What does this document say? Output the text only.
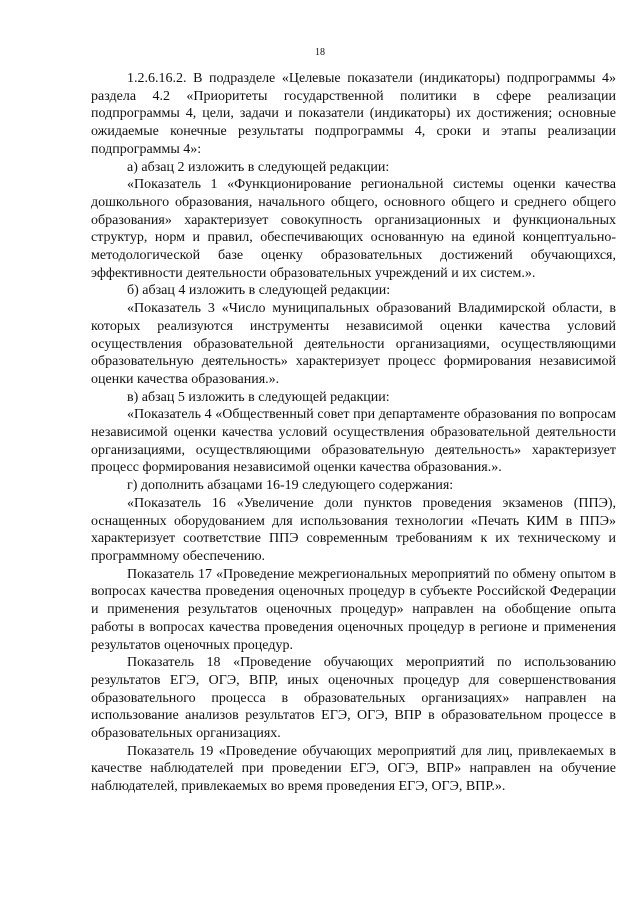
18

1.2.6.16.2. В подразделе «Целевые показатели (индикаторы) подпрограммы 4» раздела 4.2 «Приоритеты государственной политики в сфере реализации подпрограммы 4, цели, задачи и показатели (индикаторы) их достижения; основные ожидаемые конечные результаты подпрограммы 4, сроки и этапы реализации подпрограммы 4»:

а) абзац 2 изложить в следующей редакции:

«Показатель 1 «Функционирование региональной системы оценки качества дошкольного образования, начального общего, основного общего и среднего общего образования» характеризует совокупность организационных и функциональных структур, норм и правил, обеспечивающих основанную на единой концептуально-методологической базе оценку образовательных достижений обучающихся, эффективности деятельности образовательных учреждений и их систем.».

б) абзац 4 изложить в следующей редакции:

«Показатель 3 «Число муниципальных образований Владимирской области, в которых реализуются инструменты независимой оценки качества условий осуществления образовательной деятельности организациями, осуществляющими образовательную деятельность» характеризует процесс формирования независимой оценки качества образования.».

в) абзац 5 изложить в следующей редакции:

«Показатель 4 «Общественный совет при департаменте образования по вопросам независимой оценки качества условий осуществления образовательной деятельности организациями, осуществляющими образовательную деятельность» характеризует процесс формирования независимой оценки качества образования.».

г) дополнить абзацами 16-19 следующего содержания:

«Показатель 16 «Увеличение доли пунктов проведения экзаменов (ППЭ), оснащенных оборудованием для использования технологии «Печать КИМ в ППЭ» характеризует соответствие ППЭ современным требованиям к их техническому и программному обеспечению.

Показатель 17 «Проведение межрегиональных мероприятий по обмену опытом в вопросах качества проведения оценочных процедур в субъекте Российской Федерации и применения результатов оценочных процедур» направлен на обобщение опыта работы в вопросах качества проведения оценочных процедур в регионе и применения результатов оценочных процедур.

Показатель 18 «Проведение обучающих мероприятий по использованию результатов ЕГЭ, ОГЭ, ВПР, иных оценочных процедур для совершенствования образовательного процесса в образовательных организациях» направлен на использование анализов результатов ЕГЭ, ОГЭ, ВПР в образовательном процессе в образовательных организациях.

Показатель 19 «Проведение обучающих мероприятий для лиц, привлекаемых в качестве наблюдателей при проведении ЕГЭ, ОГЭ, ВПР» направлен на обучение наблюдателей, привлекаемых во время проведения ЕГЭ, ОГЭ, ВПР.».
